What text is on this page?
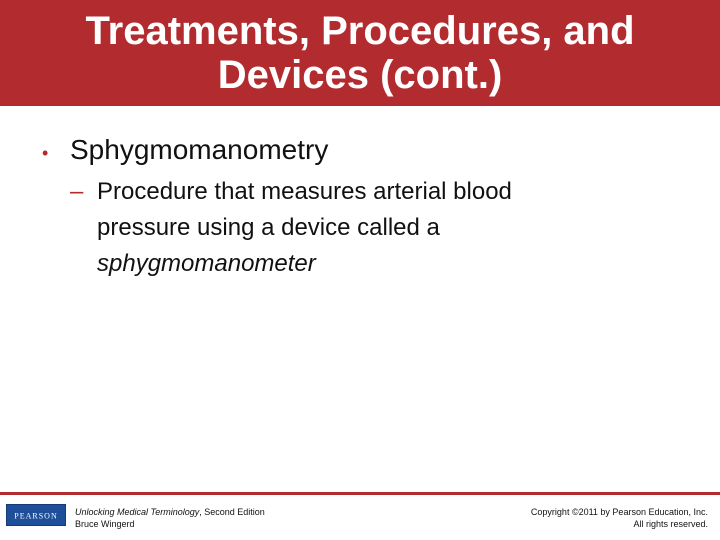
Treatments, Procedures, and
Devices (cont.)
• Sphygmomanometry
– Procedure that measures arterial blood
pressure using a device called a
sphygmomanometer
PEARSON Unlocking Medical Terminology, Second Edition
Bruce Wingerd
Copyright ©2011 by Pearson Education, Inc.
All rights reserved.
